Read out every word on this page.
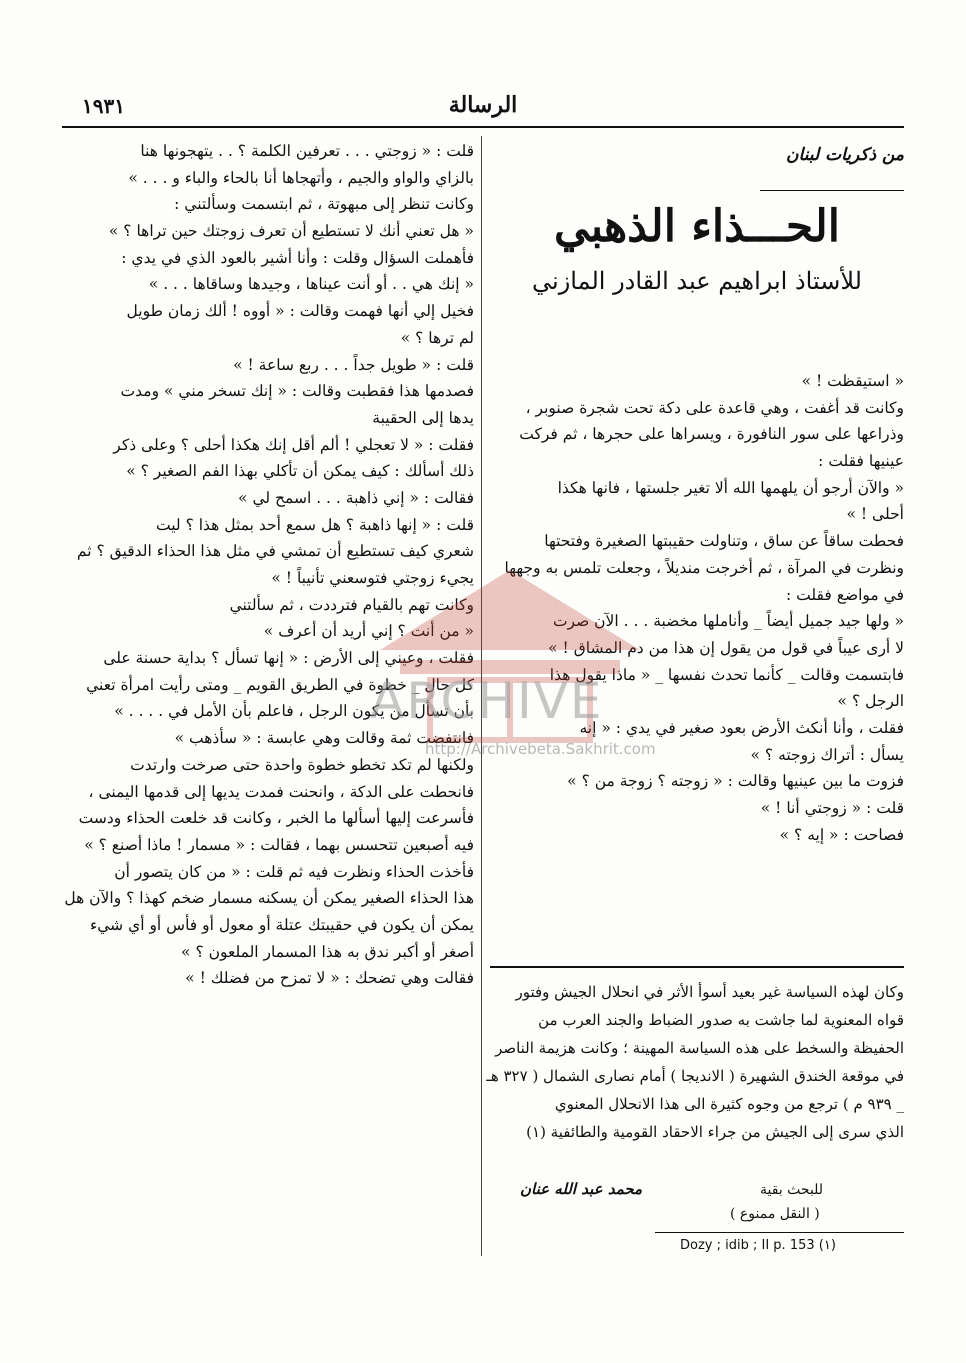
١٩٣١	الرسالة
من ذكريات لبنان
الحـــذاء الذهبي
للأستاذ ابراهيم عبد القادر المازني
« استيقظت ! »
وكانت قد أغفت ، وهي قاعدة على دكة تحت شجرة صنوبر ،
وذراعها على سور النافورة ، ويسراها على حجرها ، ثم فركت
عينيها فقلت :
« والآن أرجو أن يلهمها الله ألا تغير جلستها ، فانها هكذا
أحلى ! »
فحطت ساقاً عن ساق ، وتناولت حقيبتها الصغيرة وفتحتها
ونظرت في المرآة ، ثم أخرجت منديلاً ، وجعلت تلمس به وجهها
في مواضع فقلت :
« ولها جيد جميل أيضاً _ وأناملها مخضبة . . . الآن صرت
لا أرى عيباً في قول من يقول إن هذا من دم المشاق ! »
فابتسمت وقالت _ كأنما تحدث نفسها _ « ماذا يقول هذا
الرجل ؟ »
فقلت ، وأنا أنكث الأرض بعود صغير في يدي : « إنه
يسأل : أتراك زوجته ؟ »
فزوت ما بين عينيها وقالت : « زوجته ؟ زوجة من ؟ »
قلت : « زوجتي أنا ! »
فصاحت : « إيه ؟ »
وكان لهذه السياسة غير بعيد أسوأ الأثر في انحلال الجيش وفتور
قواه المعنوية لما جاشت به صدور الضباط والجند العرب من
الحفيظة والسخط على هذه السياسة المهينة ؛ وكانت هزيمة الناصر
في موقعة الخندق الشهيرة ( الانديجا ) أمام نصارى الشمال ( ٣٢٧ هـ
_ ٩٣٩ م ) ترجع من وجوه كثيرة الى هذا الانحلال المعنوي
الذي سرى إلى الجيش من جراء الاحقاد القومية والطائفية (١)
للبحث بقية
محمد عبد الله عنان
( النقل ممنوع )
Dozy ; idib ; II p. 153 (١)
قلت : « زوجتي . . . تعرفين الكلمة ؟ . . يتهجونها هنا
بالزاي والواو والجيم ، وأتهجاها أنا بالحاء والباء و . . . »
وكانت تنظر إلى مبهوتة ، ثم ابتسمت وسألتني :
« هل تعني أنك لا تستطيع أن تعرف زوجتك حين تراها ؟ »
فأهملت السؤال وقلت : وأنا أشير بالعود الذي في يدي :
« إنك هي . . أو أنت عيناها ، وجيدها وساقاها . . . »
فخيل إلي أنها فهمت وقالت : « أووه ! ألك زمان طويل
لم ترها ؟ »
قلت : « طويل جداً . . . ربع ساعة ! »
فصدمها هذا فقطبت وقالت : « إنك تسخر مني » ومدت
يدها إلى الحقيبة
فقلت : « لا تعجلي ! ألم أقل إنك هكذا أحلى ؟ وعلى ذكر
ذلك أسألك : كيف يمكن أن تأكلي بهذا الفم الصغير ؟ »
فقالت : « إني ذاهبة . . . اسمح لي »
قلت : « إنها ذاهبة ؟ هل سمع أحد بمثل هذا ؟ ليت
شعري كيف تستطيع أن تمشي في مثل هذا الحذاء الدقيق ؟ ثم
يجيء زوجتي فتوسعني تأنيباً ! »
وكانت تهم بالقيام فترددت ، ثم سألتني
« من أنت ؟ إني أريد أن أعرف »
فقلت ، وعيني إلى الأرض : « إنها تسأل ؟ بداية حسنة على
كل حال _ خطوة في الطريق القويم _ ومتى رأيت امرأة تعني
بأن تسأل من يكون الرجل ، فاعلم بأن الأمل في . . . . »
فانتفضت ثمة وقالت وهي عابسة : « سأذهب »
ولكنها لم تكد تخطو خطوة واحدة حتى صرخت وارتدت
فانحطت على الدكة ، وانحنت فمدت يديها إلى قدمها اليمنى ،
فأسرعت إليها أسألها ما الخبر ، وكانت قد خلعت الحذاء ودست
فيه أصبعين تتحسس بهما ، فقالت : « مسمار ! ماذا أصنع ؟ »
فأخذت الحذاء ونظرت فيه ثم قلت : « من كان يتصور أن
هذا الحذاء الصغير يمكن أن يسكنه مسمار ضخم كهذا ؟ والآن هل
يمكن أن يكون في حقيبتك عتلة أو معول أو فأس أو أي شيء
أصغر أو أكبر ندق به هذا المسمار الملعون ؟ »
فقالت وهي تضحك : « لا تمزح من فضلك ! »
ARCHIVE
http://Archivebeta.Sakhrit.com
